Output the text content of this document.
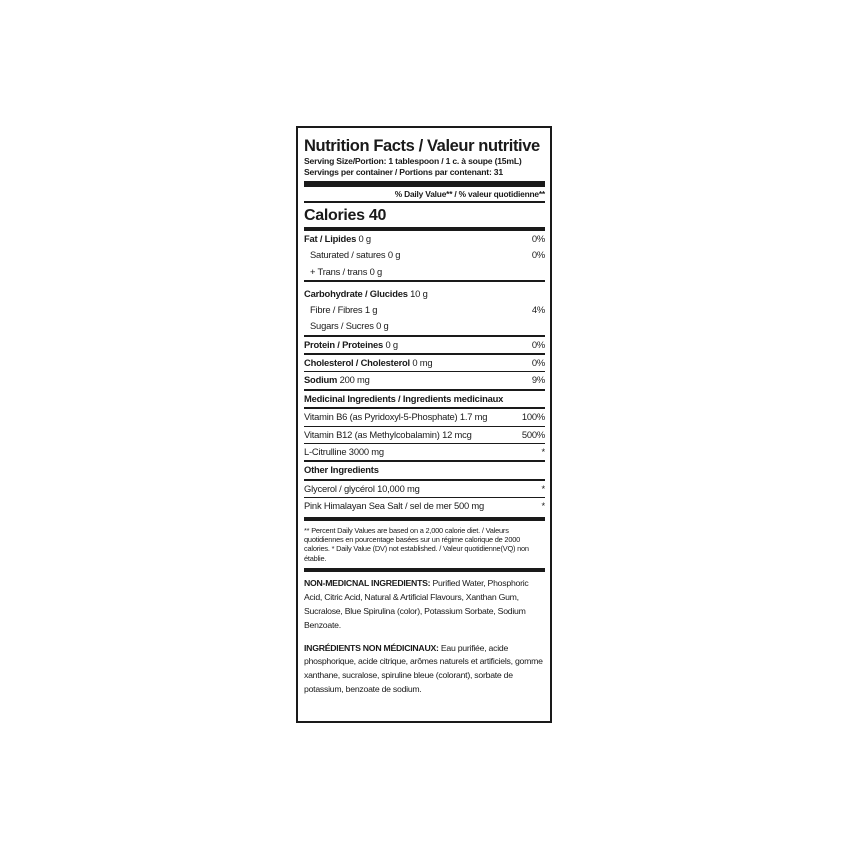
Nutrition Facts / Valeur nutritive
Serving Size/Portion: 1 tablespoon / 1 c. à soupe (15mL)
Servings per container / Portions par contenant: 31
% Daily Value** / % valeur quotidienne**
Calories 40
Fat / Lipides 0 g	0%
Saturated / satures 0 g	0%
+ Trans / trans 0 g
Carbohydrate / Glucides 10 g
Fibre / Fibres 1 g	4%
Sugars / Sucres 0 g
Protein / Proteines 0 g	0%
Cholesterol / Cholesterol 0 mg	0%
Sodium 200 mg	9%
Medicinal Ingredients / Ingredients medicinaux
Vitamin B6 (as Pyridoxyl-5-Phosphate) 1.7 mg	100%
Vitamin B12 (as Methylcobalamin) 12 mcg	500%
L-Citrulline 3000 mg	*
Other Ingredients
Glycerol / glycérol 10,000 mg	*
Pink Himalayan Sea Salt / sel de mer 500 mg	*
** Percent Daily Values are based on a 2,000 calorie diet. / Valeurs quotidiennes en pourcentage basées sur un régime calorique de 2000 calories. * Daily Value (DV) not established. / Valeur quotidienne(VQ) non établie.
NON-MEDICNAL INGREDIENTS: Purified Water, Phosphoric Acid, Citric Acid, Natural & Artificial Flavours, Xanthan Gum, Sucralose, Blue Spirulina (color), Potassium Sorbate, Sodium Benzoate.
INGRÉDIENTS NON MÉDICINAUX: Eau purifiée, acide phosphorique, acide citrique, arômes naturels et artificiels, gomme xanthane, sucralose, spiruline bleue (colorant), sorbate de potassium, benzoate de sodium.
